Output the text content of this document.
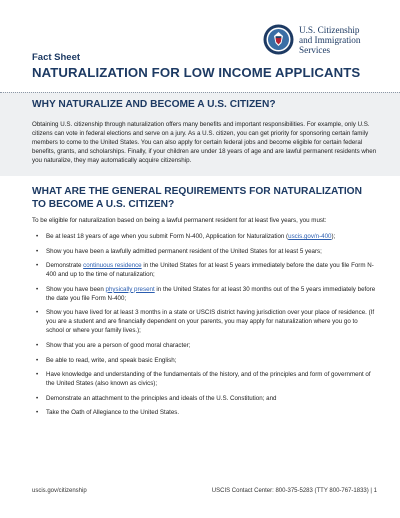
U.S. Citizenship
and Immigration
Services
Fact Sheet
NATURALIZATION FOR LOW INCOME APPLICANTS
WHY NATURALIZE AND BECOME A U.S. CITIZEN?

Obtaining U.S. citizenship through naturalization offers many benefits and important responsibilities. For example, only U.S. citizens can vote in federal elections and serve on a jury. As a U.S. citizen, you can get priority for sponsoring certain family members to come to the United States. You can also apply for certain federal jobs and become eligible for certain federal benefits, grants, and scholarships. Finally, if your children are under 18 years of age and are lawful permanent residents when you naturalize, they may automatically acquire citizenship.

WHAT ARE THE GENERAL REQUIREMENTS FOR NATURALIZATION TO BECOME A U.S. CITIZEN?

To be eligible for naturalization based on being a lawful permanent resident for at least five years, you must:

• Be at least 18 years of age when you submit Form N-400, Application for Naturalization (uscis.gov/n-400);
• Show you have been a lawfully admitted permanent resident of the United States for at least 5 years;
• Demonstrate continuous residence in the United States for at least 5 years immediately before the date you file Form N-400 and up to the time of naturalization;
• Show you have been physically present in the United States for at least 30 months out of the 5 years immediately before the date you file Form N-400;
• Show you have lived for at least 3 months in a state or USCIS district having jurisdiction over your place of residence. (If you are a student and are financially dependent on your parents, you may apply for naturalization where you go to school or where your family lives.);
• Show that you are a person of good moral character;
• Be able to read, write, and speak basic English;
• Have knowledge and understanding of the fundamentals of the history, and of the principles and form of government of the United States (also known as civics);
• Demonstrate an attachment to the principles and ideals of the U.S. Constitution; and
• Take the Oath of Allegiance to the United States.
uscis.gov/citizenship	USCIS Contact Center: 800-375-5283 (TTY 800-767-1833) | 1
